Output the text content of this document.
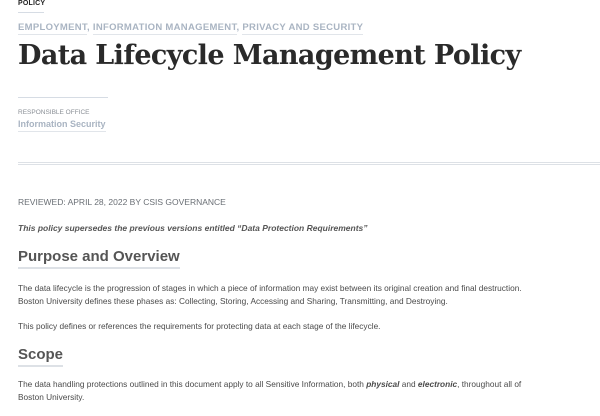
POLICY
EMPLOYMENT, INFORMATION MANAGEMENT, PRIVACY AND SECURITY
Data Lifecycle Management Policy
RESPONSIBLE OFFICE
Information Security
REVIEWED: APRIL 28, 2022 BY CSIS GOVERNANCE
This policy supersedes the previous versions entitled “Data Protection Requirements”
Purpose and Overview
The data lifecycle is the progression of stages in which a piece of information may exist between its original creation and final destruction.
Boston University defines these phases as: Collecting, Storing, Accessing and Sharing, Transmitting, and Destroying.
This policy defines or references the requirements for protecting data at each stage of the lifecycle.
Scope
The data handling protections outlined in this document apply to all Sensitive Information, both physical and electronic, throughout all of
Boston University.
